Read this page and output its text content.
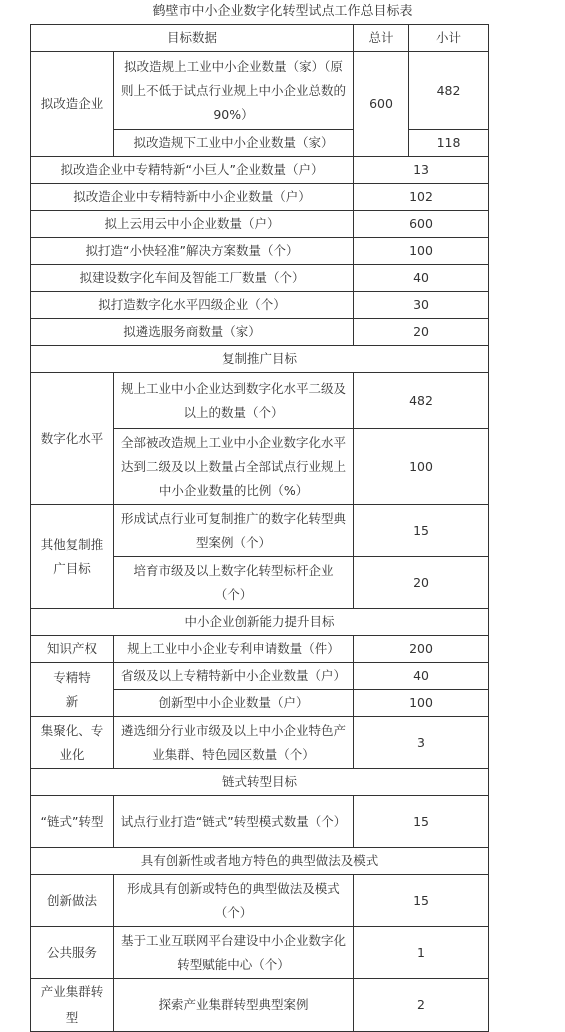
鹤壁市中小企业数字化转型试点工作总目标表
目标数据		总计	小计
拟改造企业	拟改造规上工业中小企业数量（家）（原则上不低于试点行业规上中小企业总数的90%）	600	482
	拟改造规下工业中小企业数量（家）		118
拟改造企业中专精特新“小巨人”企业数量（户）		13	
拟改造企业中专精特新中小企业数量（户）		102	
拟上云用云中小企业数量（户）		600	
拟打造“小快轻准”解决方案数量（个）		100	
拟建设数字化车间及智能工厂数量（个）		40	
拟打造数字化水平四级企业（个）		30	
拟遴选服务商数量（家）		20	
复制推广目标			
数字化水平	规上工业中小企业达到数字化水平二级及以上的数量（个）	482	
	全部被改造规上工业中小企业数字化水平达到二级及以上数量占全部试点行业规上中小企业数量的比例（%）	100	
其他复制推广目标	形成试点行业可复制推广的数字化转型典型案例（个）	15	
	培育市级及以上数字化转型标杆企业（个）	20	
中小企业创新能力提升目标			
知识产权	规上工业中小企业专利申请数量（件）	200	
专精特新	省级及以上专精特新中小企业数量（户）	40	
	创新型中小企业数量（户）	100	
集聚化、专业化	遴选细分行业市级及以上中小企业特色产业集群、特色园区数量（个）	3	
链式转型目标			
“链式”转型	试点行业打造“链式”转型模式数量（个）	15	
具有创新性或者地方特色的典型做法及模式			
创新做法	形成具有创新或特色的典型做法及模式（个）	15	
公共服务	基于工业互联网平台建设中小企业数字化转型赋能中心（个）	1	
产业集群转型	探索产业集群转型典型案例	2	
